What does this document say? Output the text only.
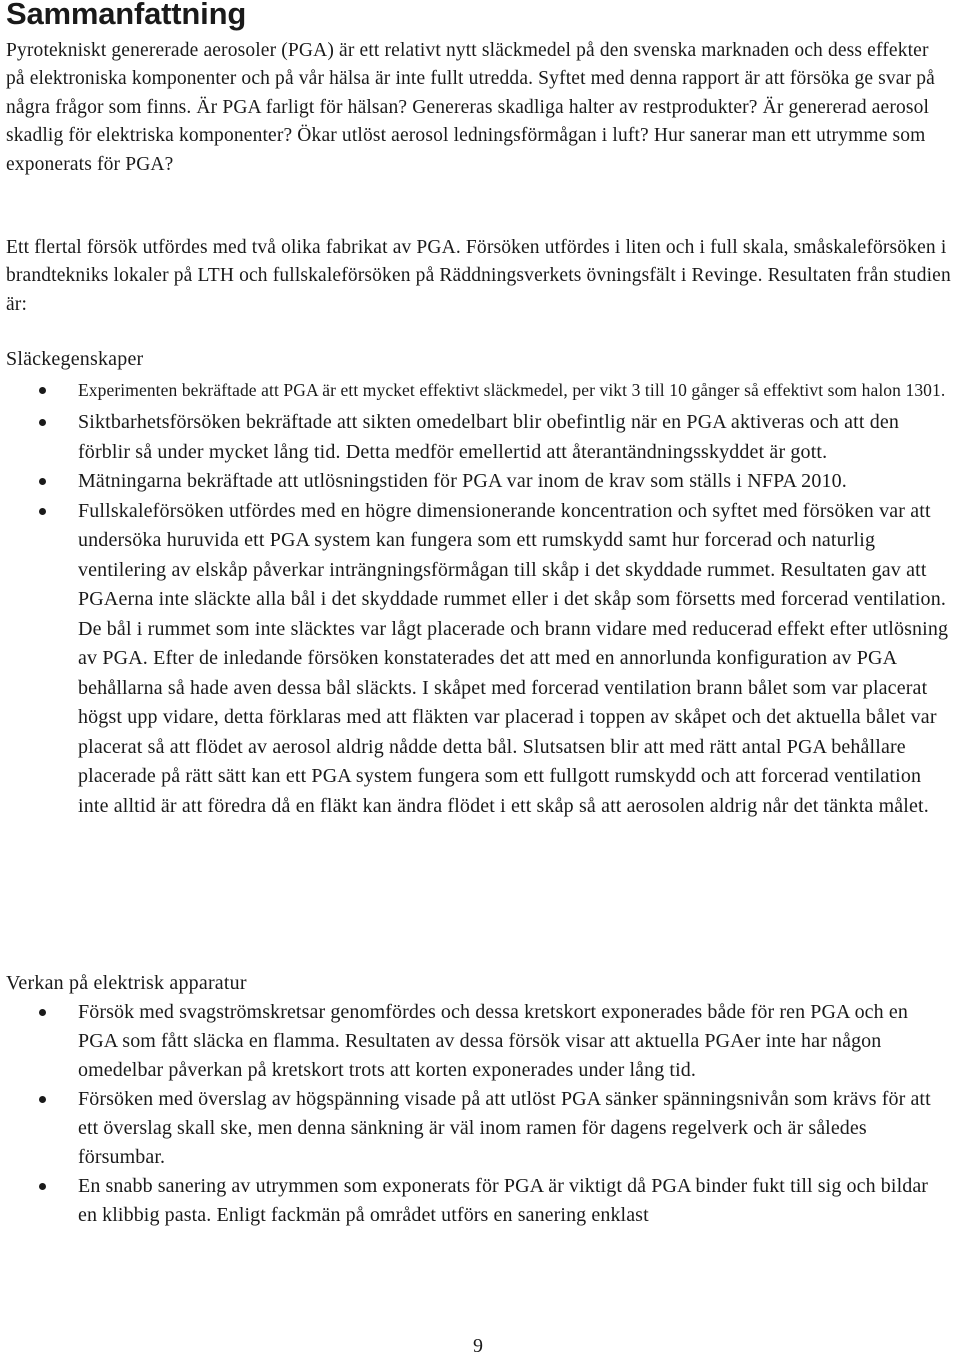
Sammanfattning

Pyrotekniskt genererade aerosoler (PGA) är ett relativt nytt släckmedel på den svenska marknaden och dess effekter på elektroniska komponenter och på vår hälsa är inte fullt utredda. Syftet med denna rapport är att försöka ge svar på några frågor som finns. Är PGA farligt för hälsan? Genereras skadliga halter av restprodukter? Är genererad aerosol skadlig för elektriska komponenter? Ökar utlöst aerosol ledningsförmågan i luft? Hur sanerar man ett utrymme som exponerats för PGA?

Ett flertal försök utfördes med två olika fabrikat av PGA. Försöken utfördes i liten och i full skala, småskaleförsöken i brandtekniks lokaler på LTH och fullskaleförsöken på Räddningsverkets övningsfält i Revinge. Resultaten från studien är:

Släckegenskaper

Experimenten bekräftade att PGA är ett mycket effektivt släckmedel, per vikt 3 till 10 gånger så effektivt som halon 1301.
Siktbarhetsförsöken bekräftade att sikten omedelbart blir obefintlig när en PGA aktiveras och att den förblir så under mycket lång tid. Detta medför emellertid att återantändningsskyddet är gott.
Mätningarna bekräftade att utlösningstiden för PGA var inom de krav som ställs i NFPA 2010.
Fullskaleförsöken utfördes med en högre dimensionerande koncentration och syftet med försöken var att undersöka huruvida ett PGA system kan fungera som ett rumskydd samt hur forcerad och naturlig ventilering av elskåp påverkar inträngningsförmågan till skåp i det skyddade rummet. Resultaten gav att PGAerna inte släckte alla bål i det skyddade rummet eller i det skåp som försetts med forcerad ventilation. De bål i rummet som inte släcktes var lågt placerade och brann vidare med reducerad effekt efter utlösning av PGA. Efter de inledande försöken konstaterades det att med en annorlunda konfiguration av PGA behållarna så hade aven dessa bål släckts. I skåpet med forcerad ventilation brann bålet som var placerat högst upp vidare, detta förklaras med att fläkten var placerad i toppen av skåpet och det aktuella bålet var placerat så att flödet av aerosol aldrig nådde detta bål. Slutsatsen blir att med rätt antal PGA behållare placerade på rätt sätt kan ett PGA system fungera som ett fullgott rumskydd och att forcerad ventilation inte alltid är att föredra då en fläkt kan ändra flödet i ett skåp så att aerosolen aldrig når det tänkta målet.

Verkan på elektrisk apparatur

Försök med svagströmskretsar genomfördes och dessa kretskort exponerades både för ren PGA och en PGA som fått släcka en flamma. Resultaten av dessa försök visar att aktuella PGAer inte har någon omedelbar påverkan på kretskort trots att korten exponerades under lång tid.
Försöken med överslag av högspänning visade på att utlöst PGA sänker spänningsnivån som krävs för att ett överslag skall ske, men denna sänkning är väl inom ramen för dagens regelverk och är således försumbar.
En snabb sanering av utrymmen som exponerats för PGA är viktigt då PGA binder fukt till sig och bildar en klibbig pasta. Enligt fackmän på området utförs en sanering enklast

9
